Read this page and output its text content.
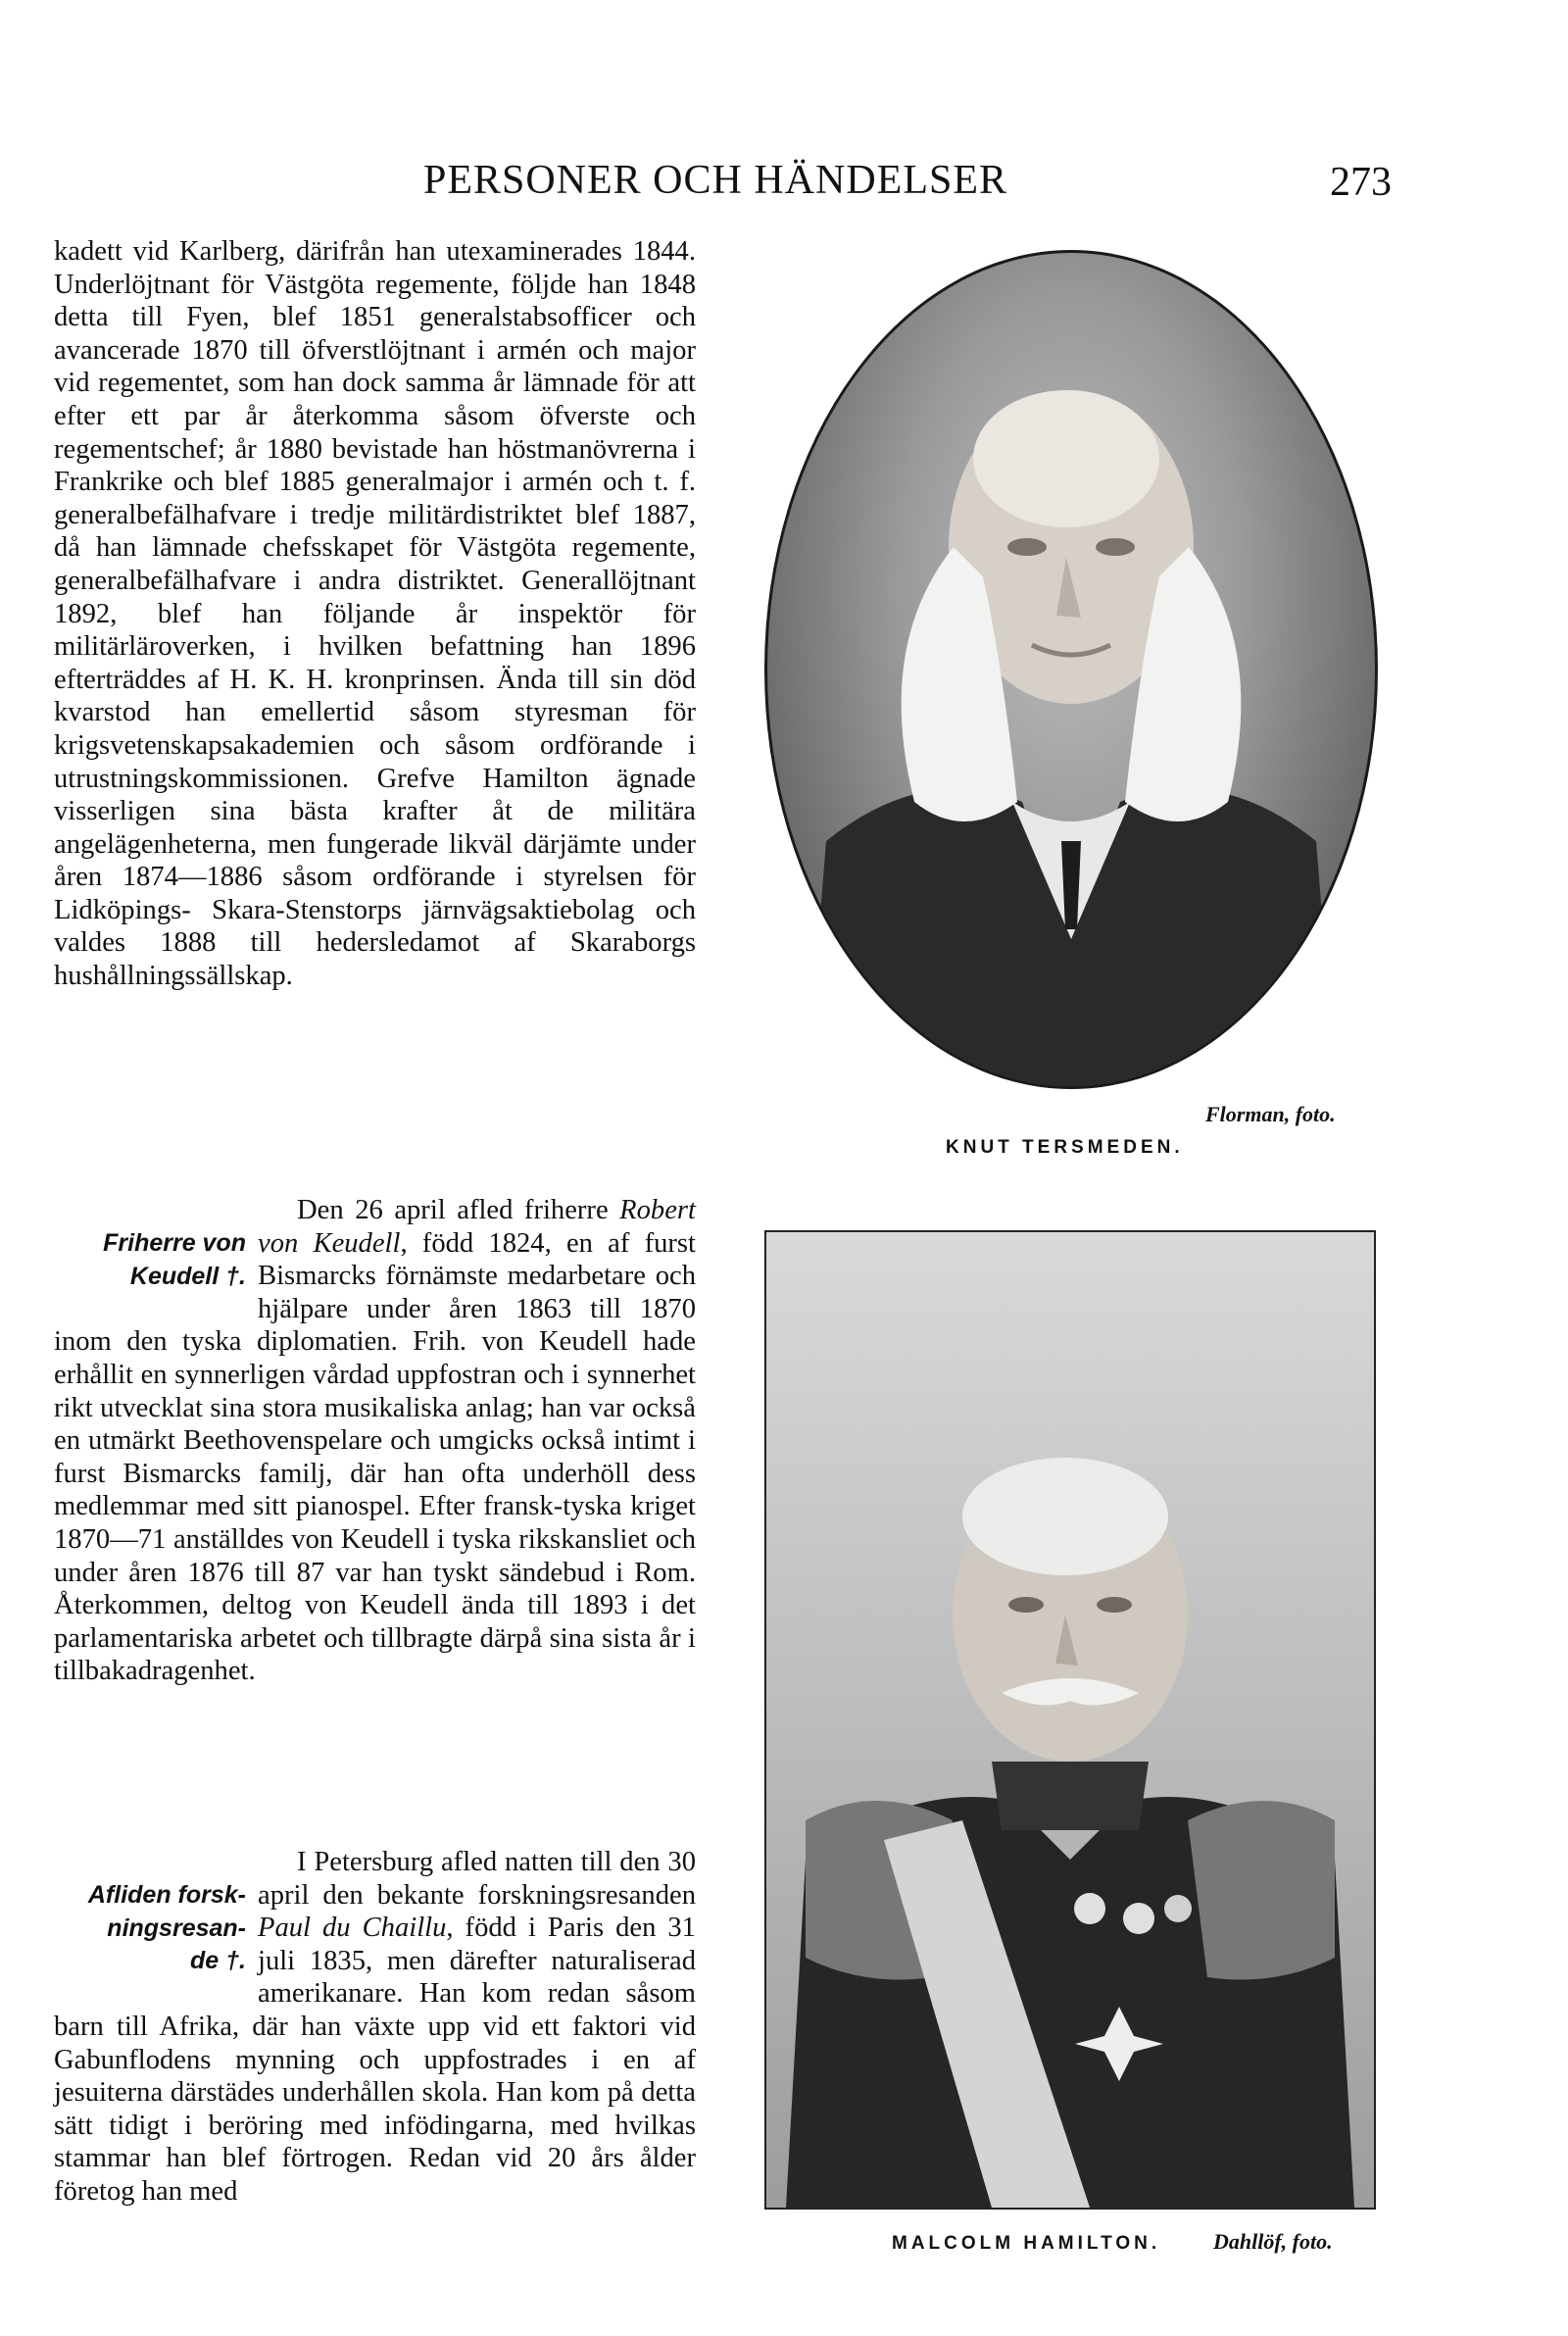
PERSONER OCH HÄNDELSER	273

kadett vid Karlberg, därifrån han utexaminerades 1844. Underlöjtnant för Västgöta regemente, följde han 1848 detta till Fyen, blef 1851 generalstabsofficer och avancerade 1870 till öfverstlöjtnant i armén och major vid regementet, som han dock samma år lämnade för att efter ett par år återkomma såsom öfverste och regementschef; år 1880 bevistade han höstmanövrerna i Frankrike och blef 1885 generalmajor i armén och t. f. generalbefälhafvare i tredje militärdistriktet blef 1887, då han lämnade chefsskapet för Västgöta regemente, generalbefälhafvare i andra distriktet. Generallöjtnant 1892, blef han följande år inspektör för militärläroverken, i hvilken befattning han 1896 efterträddes af H. K. H. kronprinsen. Ända till sin död kvarstod han emellertid såsom styresman för krigsvetenskapsakademien och såsom ordförande i utrustningskommissionen. Grefve Hamilton ägnade visserligen sina bästa krafter åt de militära angelägenheterna, men fungerade likväl därjämte under åren 1874—1886 såsom ordförande i styrelsen för Lidköpings- Skara-Stenstorps järnvägsaktiebolag och valdes 1888 till hedersledamot af Skaraborgs hushållningssällskap.

Friherre von
Keudell †.

Den 26 april afled friherre Robert von Keudell, född 1824, en af furst Bismarcks förnämste medarbetare och hjälpare under åren 1863 till 1870 inom den tyska diplomatien. Frih. von Keudell hade erhållit en synnerligen vårdad uppfostran och i synnerhet rikt utvecklat sina stora musikaliska anlag; han var också en utmärkt Beethovenspelare och umgicks också intimt i furst Bismarcks familj, där han ofta underhöll dess medlemmar med sitt pianospel. Efter fransk-tyska kriget 1870—71 anställdes von Keudell i tyska rikskansliet och under åren 1876 till 87 var han tyskt sändebud i Rom. Återkommen, deltog von Keudell ända till 1893 i det parlamentariska arbetet och tillbragte därpå sina sista år i tillbakadragenhet.

Afliden forsk-
ningsresan-
de †.

I Petersburg afled natten till den 30 april den bekante forskningsresanden Paul du Chaillu, född i Paris den 31 juli 1835, men därefter naturaliserad amerikanare. Han kom redan såsom barn till Afrika, där han växte upp vid ett faktori vid Gabunflodens mynning och uppfostrades i en af jesuiterna därstädes underhållen skola. Han kom på detta sätt tidigt i beröring med infödingarna, med hvilkas stammar han blef förtrogen. Redan vid 20 års ålder företog han med

Florman, foto.
KNUT TERSMEDEN.
MALCOLM HAMILTON. Dahllöf, foto.
